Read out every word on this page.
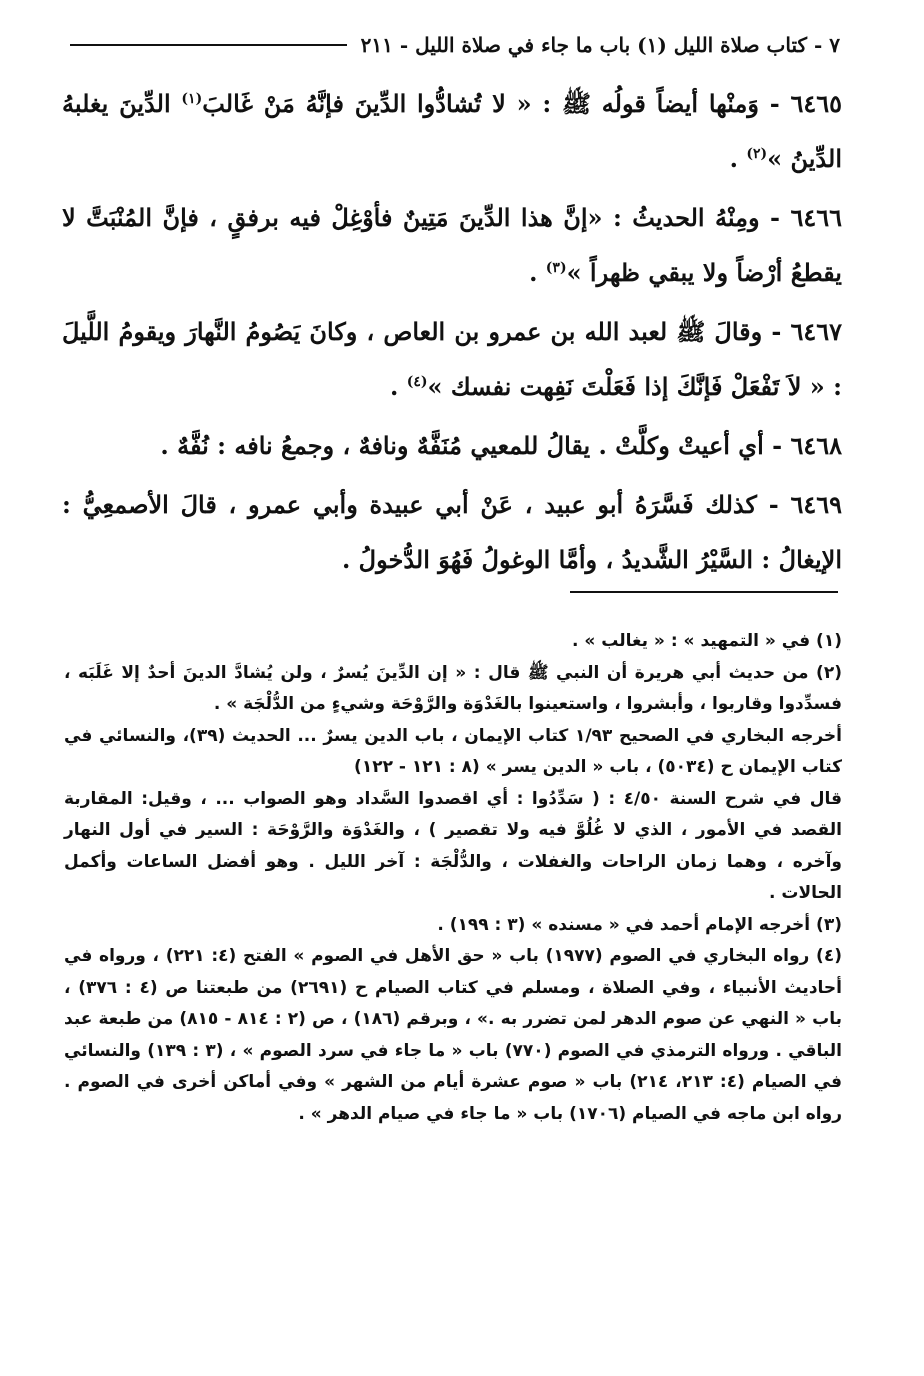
٧ - كتاب صلاة الليل (١) باب ما جاء في صلاة الليل - ٢١١

٦٤٦٥ - وَمنْها أيضاً قولُه ﷺ : « لا تُشادُّوا الدِّينَ فإنَّهُ مَنْ غَالبَ$^{(١)}$ الدِّينَ يغلبهُ الدِّينُ »$^{(٢)}$ .

٦٤٦٦ - ومِنْهُ الحديثُ : «إنَّ هذا الدِّينَ مَتِينٌ فأوْغِلْ فيه برفقٍ ، فإنَّ المُنْبَتَّ لا يقطعُ أرْضاً ولا يبقي ظهراً »$^{(٣)}$ .

٦٤٦٧ - وقالَ ﷺ لعبد الله بن عمرو بن العاص ، وكانَ يَصُومُ النَّهارَ ويقومُ اللَّيلَ : « لاَ تَفْعَلْ فَإنَّكَ إذا فَعَلْتَ نَفِهت نفسك »$^{(٤)}$ .

٦٤٦٨ - أي أعيتْ وكلَّتْ . يقالُ للمعيي مُنَفَّهٌ ونافهٌ ، وجمعُ نافه : نُفَّهٌ .

٦٤٦٩ - كذلك فَسَّرَهُ أبو عبيد ، عَنْ أبي عبيدة وأبي عمرو ، قالَ الأصمعِيُّ : الإيغالُ : السَّيْرُ الشَّديدُ ، وأمَّا الوغولُ فَهُوَ الدُّخولُ .

(١) في « التمهيد » : « يغالب » .

(٢) من حديث أبي هريرة أن النبي ﷺ قال : « إن الدِّينَ يُسرٌ ، ولن يُشادَّ الدينَ أحدٌ إلا غَلَبَه ، فسدِّدوا وقاربوا ، وأبشروا ، واستعينوا بالغَدْوَة والرَّوْحَة وشيءٍ من الدُّلْجَة » .

أخرجه البخاري في الصحيح ١/٩٣ كتاب الإيمان ، باب الدين يسرٌ ... الحديث (٣٩)، والنسائي في كتاب الإيمان ح (٥٠٣٤) ، باب « الدين يسر » (٨ : ١٢١ - ١٢٢)

قال في شرح السنة ٤/٥٠ : ( سَدِّدُوا : أي اقصدوا السَّداد وهو الصواب ... ، وقيل: المقاربة القصد في الأمور ، الذي لا غُلُوَّ فيه ولا تقصير ) ، والغَدْوَة والرَّوْحَة : السير في أول النهار وآخره ، وهما زمان الراحات والغفلات ، والدُّلْجَة : آخر الليل . وهو أفضل الساعات وأكمل الحالات .

(٣) أخرجه الإمام أحمد في « مسنده » (٣ : ١٩٩) .

(٤) رواه البخاري في الصوم (١٩٧٧) باب « حق الأهل في الصوم » الفتح (٤: ٢٢١) ، ورواه في أحاديث الأنبياء ، وفي الصلاة ، ومسلم في كتاب الصيام ح (٢٦٩١) من طبعتنا ص (٤ : ٣٧٦) ، باب « النهي عن صوم الدهر لمن تضرر به .» ، وبرقم (١٨٦) ، ص (٢ : ٨١٤ - ٨١٥) من طبعة عبد الباقي . ورواه الترمذي في الصوم (٧٧٠) باب « ما جاء في سرد الصوم » ، (٣ : ١٣٩) والنسائي في الصيام (٤: ٢١٣، ٢١٤) باب « صوم عشرة أيام من الشهر » وفي أماكن أخرى في الصوم . رواه ابن ماجه في الصيام (١٧٠٦) باب « ما جاء في صيام الدهر » .
